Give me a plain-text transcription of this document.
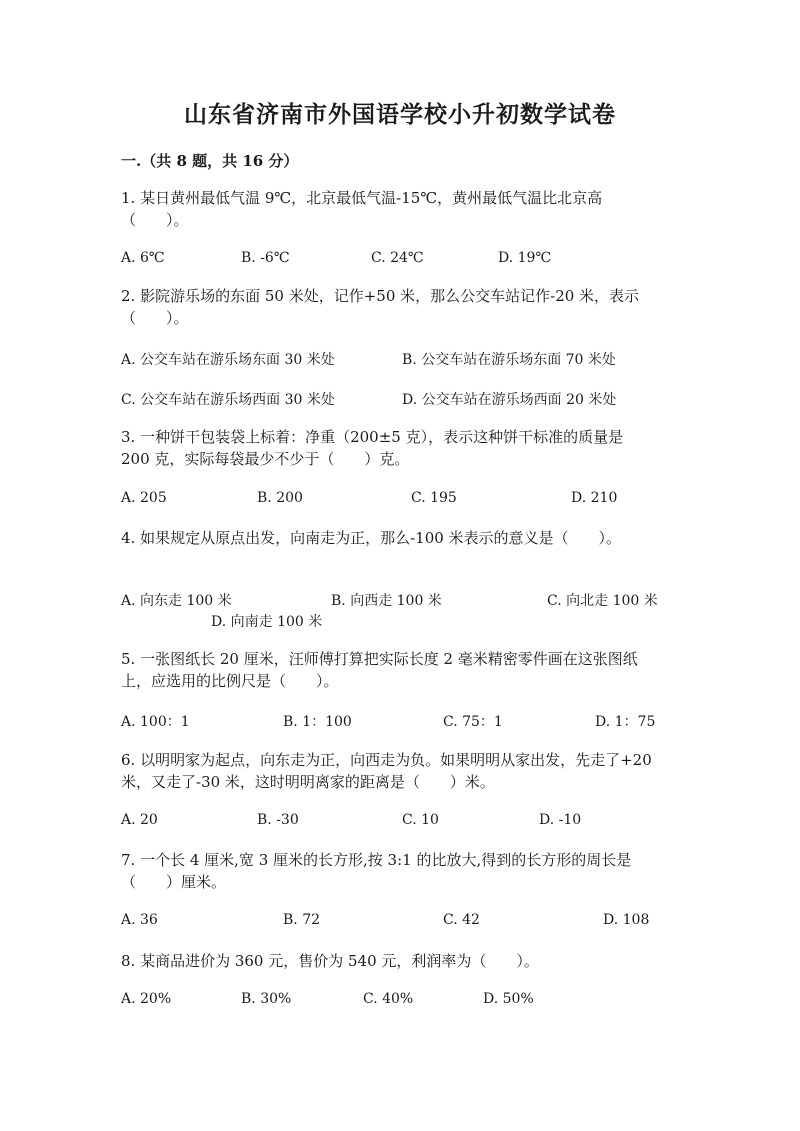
山东省济南市外国语学校小升初数学试卷
一.（共 8 题，共 16 分）
1. 某日黄州最低气温 9℃，北京最低气温-15℃，黄州最低气温比北京高
（　　）。
A. 6℃	B. -6℃	C. 24℃	D. 19℃
2. 影院游乐场的东面 50 米处，记作+50 米，那么公交车站记作-20 米，表示
（　　）。
A. 公交车站在游乐场东面 30 米处	B. 公交车站在游乐场东面 70 米处
C. 公交车站在游乐场西面 30 米处	D. 公交车站在游乐场西面 20 米处
3. 一种饼干包装袋上标着：净重（200±5 克），表示这种饼干标准的质量是
200 克，实际每袋最少不少于（　　）克。
A. 205	B. 200	C. 195	D. 210
4. 如果规定从原点出发，向南走为正，那么-100 米表示的意义是（　　）。
A. 向东走 100 米	B. 向西走 100 米	C. 向北走 100 米
D. 向南走 100 米
5. 一张图纸长 20 厘米，汪师傅打算把实际长度 2 毫米精密零件画在这张图纸
上，应选用的比例尺是（　　）。
A. 100：1	B. 1：100	C. 75：1	D. 1：75
6. 以明明家为起点，向东走为正，向西走为负。如果明明从家出发，先走了+20
米，又走了-30 米，这时明明离家的距离是（　　）米。
A. 20	B. -30	C. 10	D. -10
7. 一个长 4 厘米,宽 3 厘米的长方形,按 3:1 的比放大,得到的长方形的周长是
（　　）厘米。
A. 36	B. 72	C. 42	D. 108
8. 某商品进价为 360 元，售价为 540 元，利润率为（　　）。
A. 20%	B. 30%	C. 40%	D. 50%
